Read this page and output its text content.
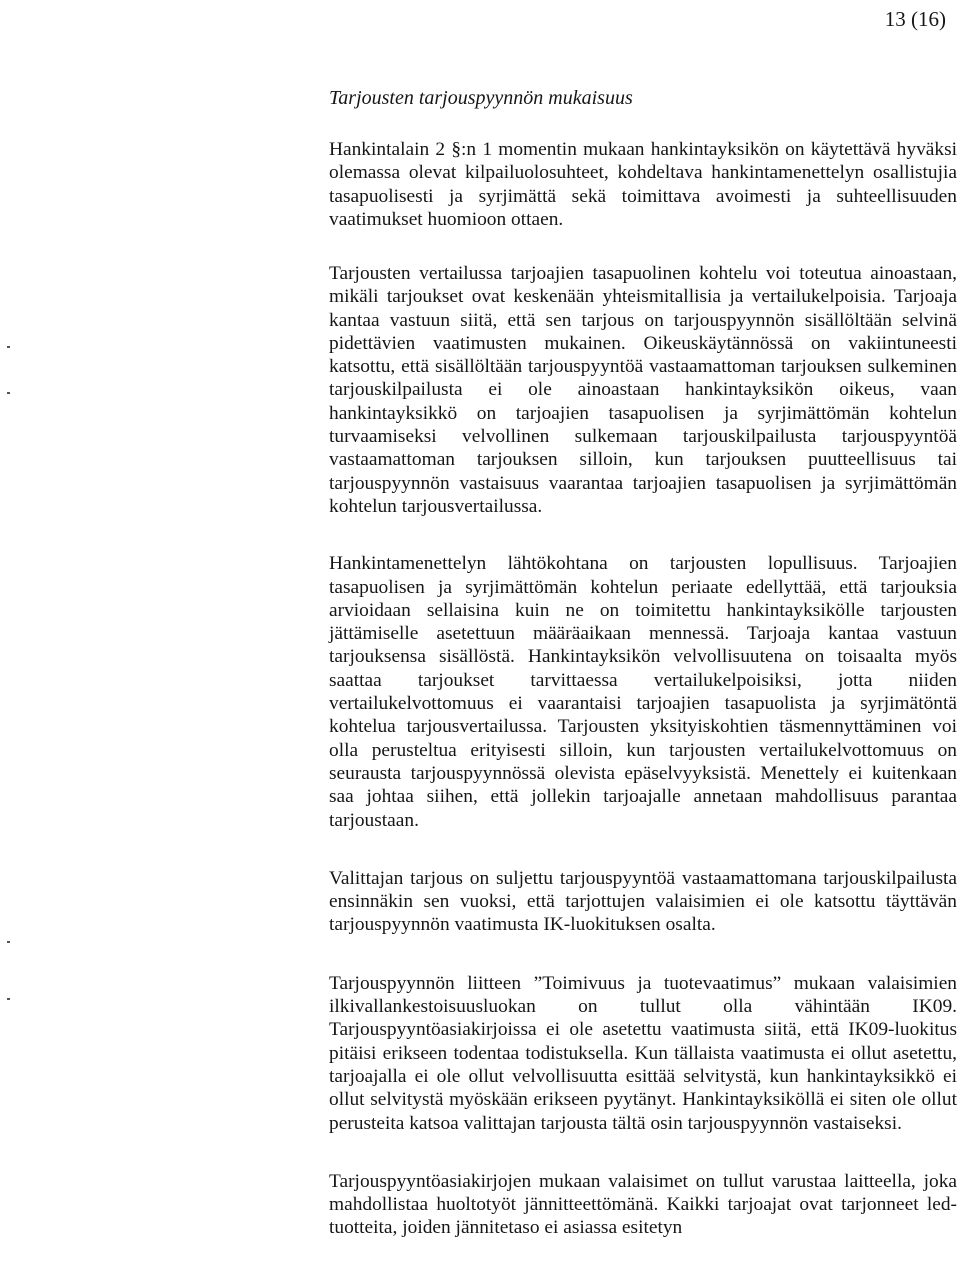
13 (16)
Tarjousten tarjouspyynnön mukaisuus

Hankintalain 2 §:n 1 momentin mukaan hankintayksikön on käytettävä hyväksi olemassa olevat kilpailuolosuhteet, kohdeltava hankintamenettelyn osallistujia tasapuolisesti ja syrjimättä sekä toimittava avoimesti ja suhteellisuuden vaatimukset huomioon ottaen.

Tarjousten vertailussa tarjoajien tasapuolinen kohtelu voi toteutua ainoastaan, mikäli tarjoukset ovat keskenään yhteismitallisia ja vertailukelpoisia. Tarjoaja kantaa vastuun siitä, että sen tarjous on tarjouspyynnön sisällöltään selvinä pidettävien vaatimusten mukainen. Oikeuskäytännössä on vakiintuneesti katsottu, että sisällöltään tarjouspyyntöä vastaamattoman tarjouksen sulkeminen tarjouskilpailusta ei ole ainoastaan hankintayksikön oikeus, vaan hankintayksikkö on tarjoajien tasapuolisen ja syrjimättömän kohtelun turvaamiseksi velvollinen sulkemaan tarjouskilpailusta tarjouspyyntöä vastaamattoman tarjouksen silloin, kun tarjouksen puutteellisuus tai tarjouspyynnön vastaisuus vaarantaa tarjoajien tasapuolisen ja syrjimättömän kohtelun tarjousvertailussa.

Hankintamenettelyn lähtökohtana on tarjousten lopullisuus. Tarjoajien tasapuolisen ja syrjimättömän kohtelun periaate edellyttää, että tarjouksia arvioidaan sellaisina kuin ne on toimitettu hankintayksikölle tarjousten jättämiselle asetettuun määräaikaan mennessä. Tarjoaja kantaa vastuun tarjouksensa sisällöstä. Hankintayksikön velvollisuutena on toisaalta myös saattaa tarjoukset tarvittaessa vertailukelpoisiksi, jotta niiden vertailukelvottomuus ei vaarantaisi tarjoajien tasapuolista ja syrjimätöntä kohtelua tarjousvertailussa. Tarjousten yksityiskohtien täsmennyttäminen voi olla perusteltua erityisesti silloin, kun tarjousten vertailukelvottomuus on seurausta tarjouspyynnössä olevista epäselvyyksistä. Menettely ei kuitenkaan saa johtaa siihen, että jollekin tarjoajalle annetaan mahdollisuus parantaa tarjoustaan.

Valittajan tarjous on suljettu tarjouspyyntöä vastaamattomana tarjouskilpailusta ensinnäkin sen vuoksi, että tarjottujen valaisimien ei ole katsottu täyttävän tarjouspyynnön vaatimusta IK-luokituksen osalta.

Tarjouspyynnön liitteen ”Toimivuus ja tuotevaatimus” mukaan valaisimien ilkivallankestoisuusluokan on tullut olla vähintään IK09. Tarjouspyyntöasiakirjoissa ei ole asetettu vaatimusta siitä, että IK09-luokitus pitäisi erikseen todentaa todistuksella. Kun tällaista vaatimusta ei ollut asetettu, tarjoajalla ei ole ollut velvollisuutta esittää selvitystä, kun hankintayksikkö ei ollut selvitystä myöskään erikseen pyytänyt. Hankintayksiköllä ei siten ole ollut perusteita katsoa valittajan tarjousta tältä osin tarjouspyynnön vastaiseksi.

Tarjouspyyntöasiakirjojen mukaan valaisimet on tullut varustaa laitteella, joka mahdollistaa huoltotyöt jännitteettömänä. Kaikki tarjoajat ovat tarjonneet led-tuotteita, joiden jännitetaso ei asiassa esitetyn
